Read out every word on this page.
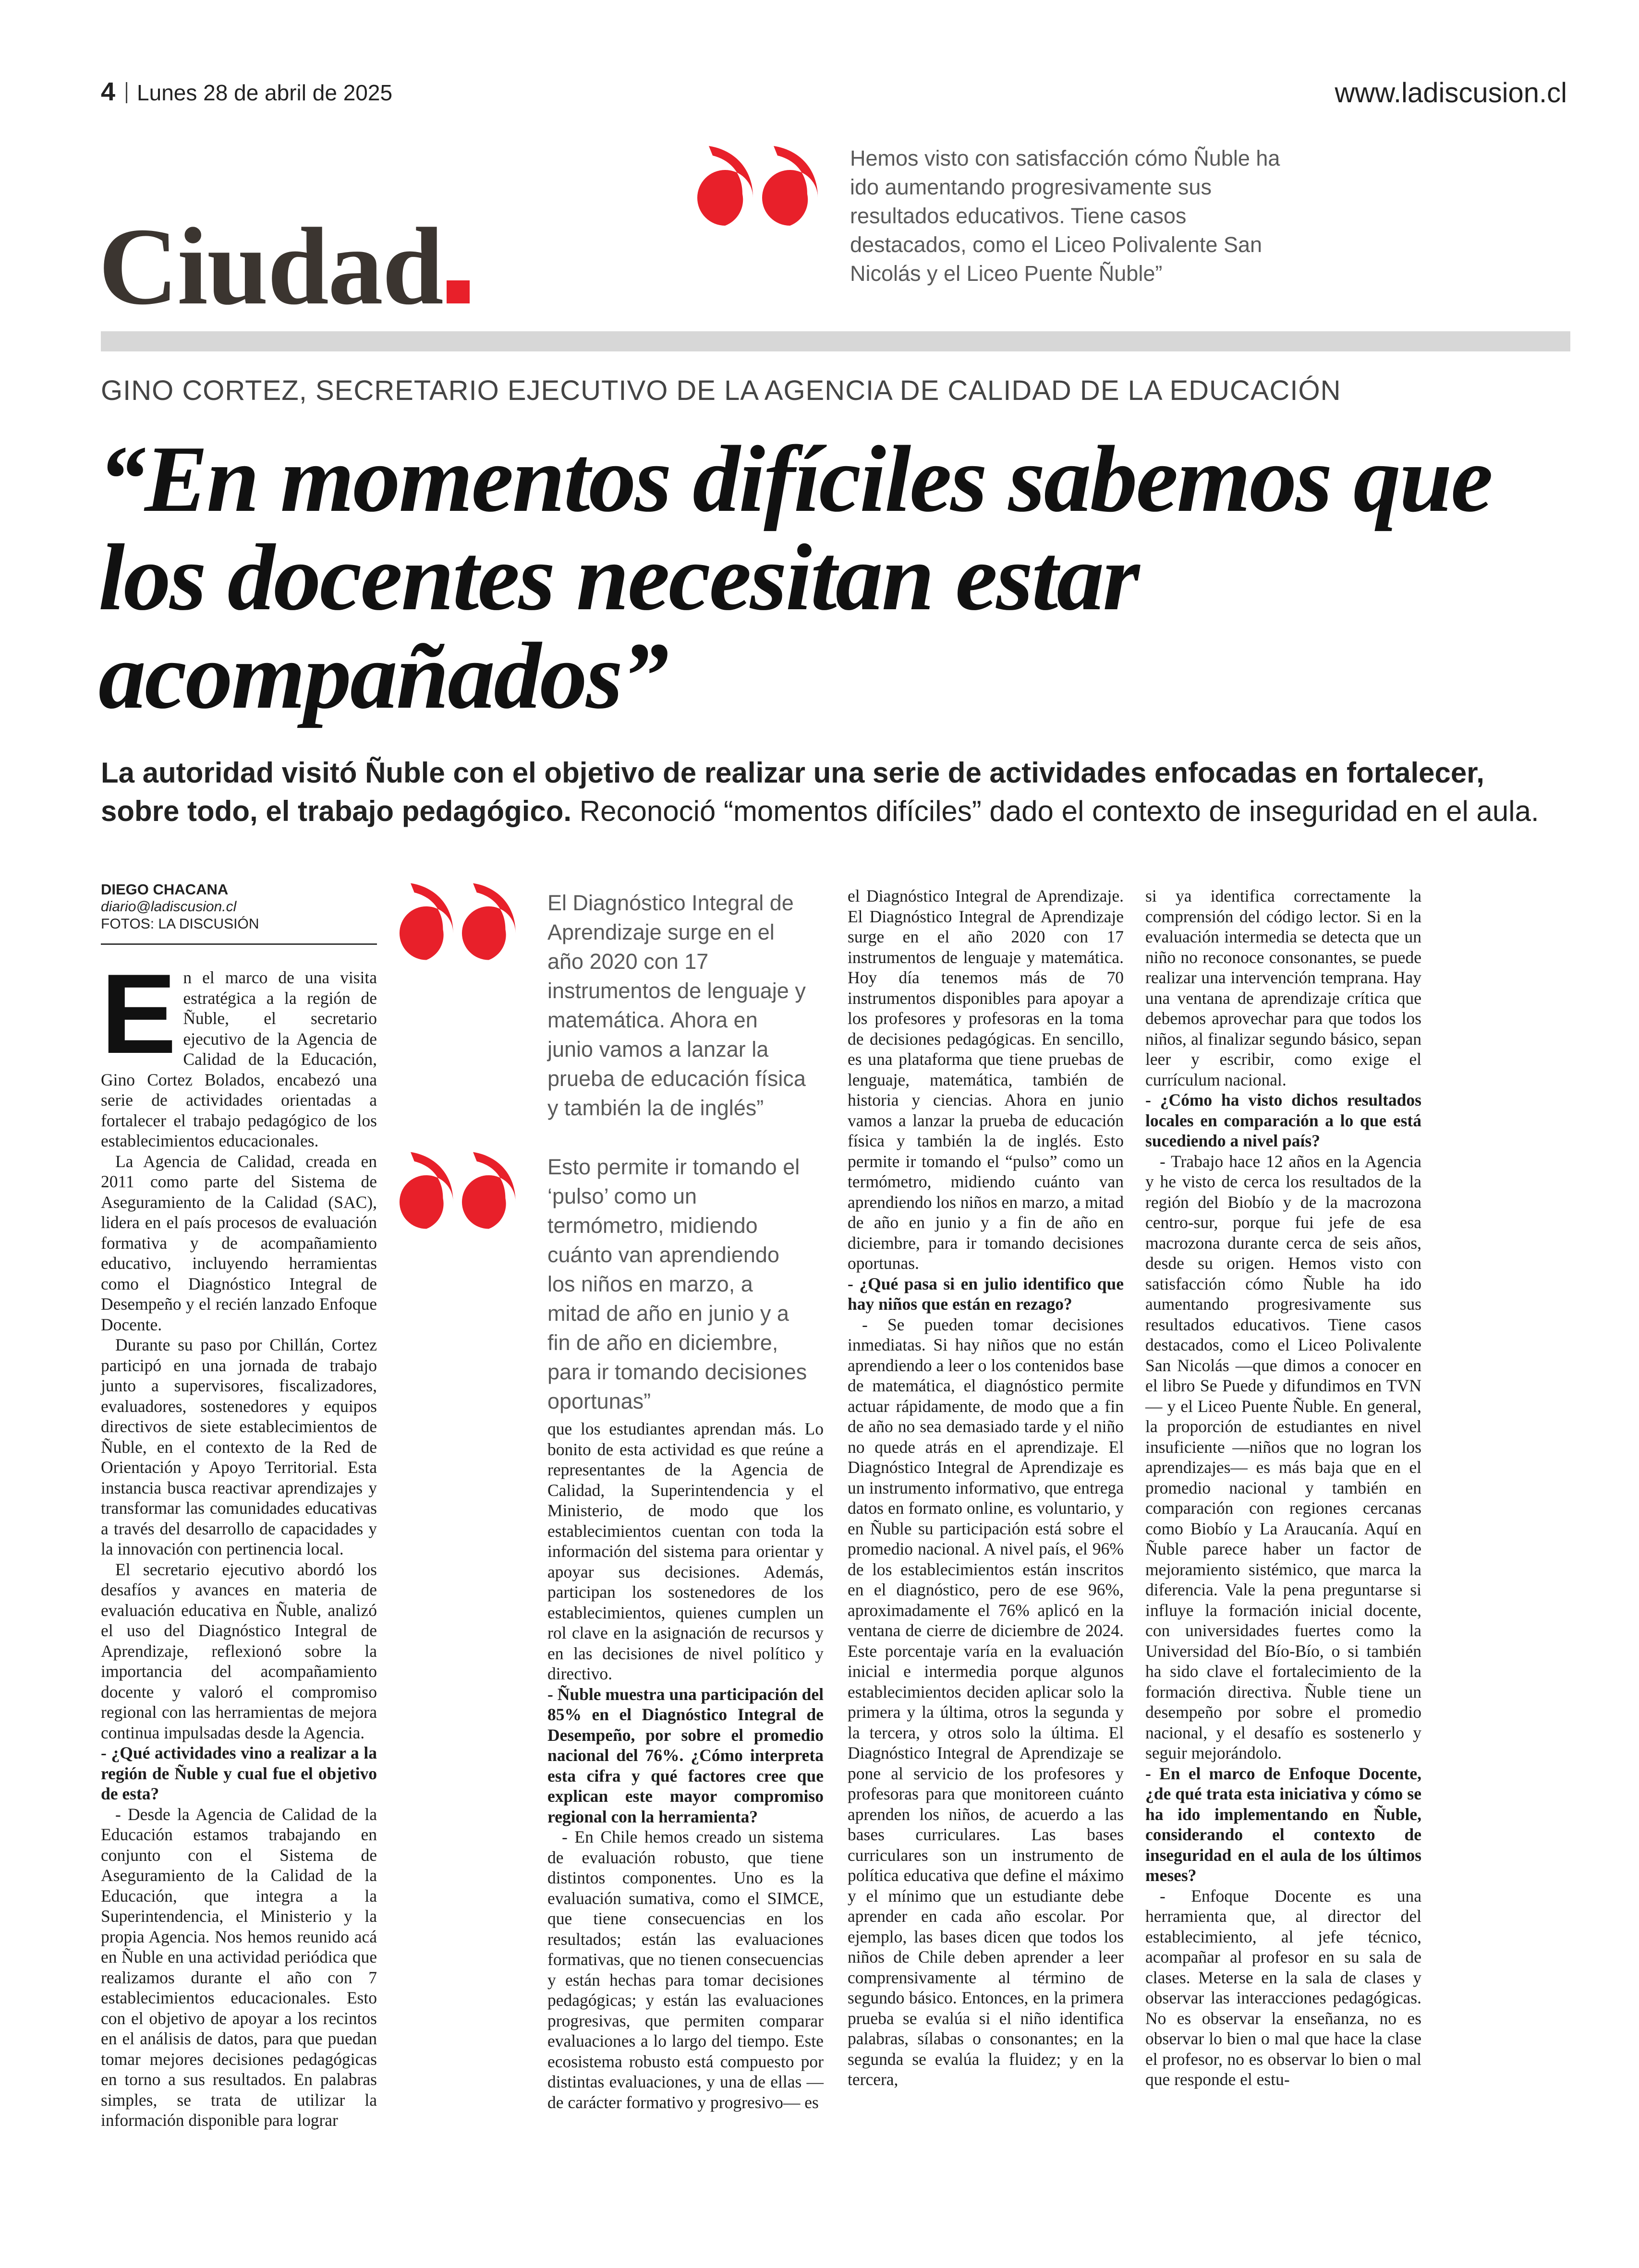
4 Lunes 28 de abril de 2025	www.ladiscusion.cl
Ciudad
Hemos visto con satisfacción cómo Ñuble ha ido aumentando progresivamente sus resultados educativos. Tiene casos destacados, como el Liceo Polivalente San Nicolás y el Liceo Puente Ñuble”
GINO CORTEZ, SECRETARIO EJECUTIVO DE LA AGENCIA DE CALIDAD DE LA EDUCACIÓN
“En momentos difíciles sabemos que los docentes necesitan estar acompañados”
La autoridad visitó Ñuble con el objetivo de realizar una serie de actividades enfocadas en fortalecer, sobre todo, el trabajo pedagógico. Reconoció “momentos difíciles” dado el contexto de inseguridad en el aula.
DIEGO CHACANA
diario@ladiscusion.cl
FOTOS: LA DISCUSIÓN

En el marco de una visita estratégica a la región de Ñuble, el secretario ejecutivo de la Agencia de Calidad de la Educación, Gino Cortez Bolados, encabezó una serie de actividades orientadas a fortalecer el trabajo pedagógico de los establecimientos educacionales.

La Agencia de Calidad, creada en 2011 como parte del Sistema de Aseguramiento de la Calidad (SAC), lidera en el país procesos de evaluación formativa y de acompañamiento educativo, incluyendo herramientas como el Diagnóstico Integral de Desempeño y el recién lanzado Enfoque Docente.

Durante su paso por Chillán, Cortez participó en una jornada de trabajo junto a supervisores, fiscalizadores, evaluadores, sostenedores y equipos directivos de siete establecimientos de Ñuble, en el contexto de la Red de Orientación y Apoyo Territorial. Esta instancia busca reactivar aprendizajes y transformar las comunidades educativas a través del desarrollo de capacidades y la innovación con pertinencia local.

El secretario ejecutivo abordó los desafíos y avances en materia de evaluación educativa en Ñuble, analizó el uso del Diagnóstico Integral de Aprendizaje, reflexionó sobre la importancia del acompañamiento docente y valoró el compromiso regional con las herramientas de mejora continua impulsadas desde la Agencia.

- ¿Qué actividades vino a realizar a la región de Ñuble y cual fue el objetivo de esta?

- Desde la Agencia de Calidad de la Educación estamos trabajando en conjunto con el Sistema de Aseguramiento de la Calidad de la Educación, que integra a la Superintendencia, el Ministerio y la propia Agencia. Nos hemos reunido acá en Ñuble en una actividad periódica que realizamos durante el año con 7 establecimientos educacionales. Esto con el objetivo de apoyar a los recintos en el análisis de datos, para que puedan tomar mejores decisiones pedagógicas en torno a sus resultados. En palabras simples, se trata de utilizar la información disponible para lograr

El Diagnóstico Integral de Aprendizaje surge en el año 2020 con 17 instrumentos de lenguaje y matemática. Ahora en junio vamos a lanzar la prueba de educación física y también la de inglés”
Esto permite ir tomando el ‘pulso’ como un termómetro, midiendo cuánto van aprendiendo los niños en marzo, a mitad de año en junio y a fin de año en diciembre, para ir tomando decisiones oportunas”

que los estudiantes aprendan más. Lo bonito de esta actividad es que reúne a representantes de la Agencia de Calidad, la Superintendencia y el Ministerio, de modo que los establecimientos cuentan con toda la información del sistema para orientar y apoyar sus decisiones. Además, participan los sostenedores de los establecimientos, quienes cumplen un rol clave en la asignación de recursos y en las decisiones de nivel político y directivo.

- Ñuble muestra una participación del 85% en el Diagnóstico Integral de Desempeño, por sobre el promedio nacional del 76%. ¿Cómo interpreta esta cifra y qué factores cree que explican este mayor compromiso regional con la herramienta?

- En Chile hemos creado un sistema de evaluación robusto, que tiene distintos componentes. Uno es la evaluación sumativa, como el SIMCE, que tiene consecuencias en los resultados; están las evaluaciones formativas, que no tienen consecuencias y están hechas para tomar decisiones pedagógicas; y están las evaluaciones progresivas, que permiten comparar evaluaciones a lo largo del tiempo. Este ecosistema robusto está compuesto por distintas evaluaciones, y una de ellas —de carácter formativo y progresivo— es

el Diagnóstico Integral de Aprendizaje. El Diagnóstico Integral de Aprendizaje surge en el año 2020 con 17 instrumentos de lenguaje y matemática. Hoy día tenemos más de 70 instrumentos disponibles para apoyar a los profesores y profesoras en la toma de decisiones pedagógicas. En sencillo, es una plataforma que tiene pruebas de lenguaje, matemática, también de historia y ciencias. Ahora en junio vamos a lanzar la prueba de educación física y también la de inglés. Esto permite ir tomando el “pulso” como un termómetro, midiendo cuánto van aprendiendo los niños en marzo, a mitad de año en junio y a fin de año en diciembre, para ir tomando decisiones oportunas.

- ¿Qué pasa si en julio identifico que hay niños que están en rezago?

- Se pueden tomar decisiones inmediatas. Si hay niños que no están aprendiendo a leer o los contenidos base de matemática, el diagnóstico permite actuar rápidamente, de modo que a fin de año no sea demasiado tarde y el niño no quede atrás en el aprendizaje. El Diagnóstico Integral de Aprendizaje es un instrumento informativo, que entrega datos en formato online, es voluntario, y en Ñuble su participación está sobre el promedio nacional. A nivel país, el 96% de los establecimientos están inscritos en el diagnóstico, pero de ese 96%, aproximadamente el 76% aplicó en la ventana de cierre de diciembre de 2024. Este porcentaje varía en la evaluación inicial e intermedia porque algunos establecimientos deciden aplicar solo la primera y la última, otros la segunda y la tercera, y otros solo la última. El Diagnóstico Integral de Aprendizaje se pone al servicio de los profesores y profesoras para que monitoreen cuánto aprenden los niños, de acuerdo a las bases curriculares. Las bases curriculares son un instrumento de política educativa que define el máximo y el mínimo que un estudiante debe aprender en cada año escolar. Por ejemplo, las bases dicen que todos los niños de Chile deben aprender a leer comprensivamente al término de segundo básico. Entonces, en la primera prueba se evalúa si el niño identifica palabras, sílabas o consonantes; en la segunda se evalúa la fluidez; y en la tercera,

si ya identifica correctamente la comprensión del código lector. Si en la evaluación intermedia se detecta que un niño no reconoce consonantes, se puede realizar una intervención temprana. Hay una ventana de aprendizaje crítica que debemos aprovechar para que todos los niños, al finalizar segundo básico, sepan leer y escribir, como exige el currículum nacional.

- ¿Cómo ha visto dichos resultados locales en comparación a lo que está sucediendo a nivel país?

- Trabajo hace 12 años en la Agencia y he visto de cerca los resultados de la región del Biobío y de la macrozona centro-sur, porque fui jefe de esa macrozona durante cerca de seis años, desde su origen. Hemos visto con satisfacción cómo Ñuble ha ido aumentando progresivamente sus resultados educativos. Tiene casos destacados, como el Liceo Polivalente San Nicolás —que dimos a conocer en el libro Se Puede y difundimos en TVN— y el Liceo Puente Ñuble. En general, la proporción de estudiantes en nivel insuficiente —niños que no logran los aprendizajes— es más baja que en el promedio nacional y también en comparación con regiones cercanas como Biobío y La Araucanía. Aquí en Ñuble parece haber un factor de mejoramiento sistémico, que marca la diferencia. Vale la pena preguntarse si influye la formación inicial docente, con universidades fuertes como la Universidad del Bío-Bío, o si también ha sido clave el fortalecimiento de la formación directiva. Ñuble tiene un desempeño por sobre el promedio nacional, y el desafío es sostenerlo y seguir mejorándolo.

- En el marco de Enfoque Docente, ¿de qué trata esta iniciativa y cómo se ha ido implementando en Ñuble, considerando el contexto de inseguridad en el aula de los últimos meses?

- Enfoque Docente es una herramienta que, al director del establecimiento, al jefe técnico, acompañar al profesor en su sala de clases. Meterse en la sala de clases y observar las interacciones pedagógicas. No es observar la enseñanza, no es observar lo bien o mal que hace la clase el profesor, no es observar lo bien o mal que responde el estu-
